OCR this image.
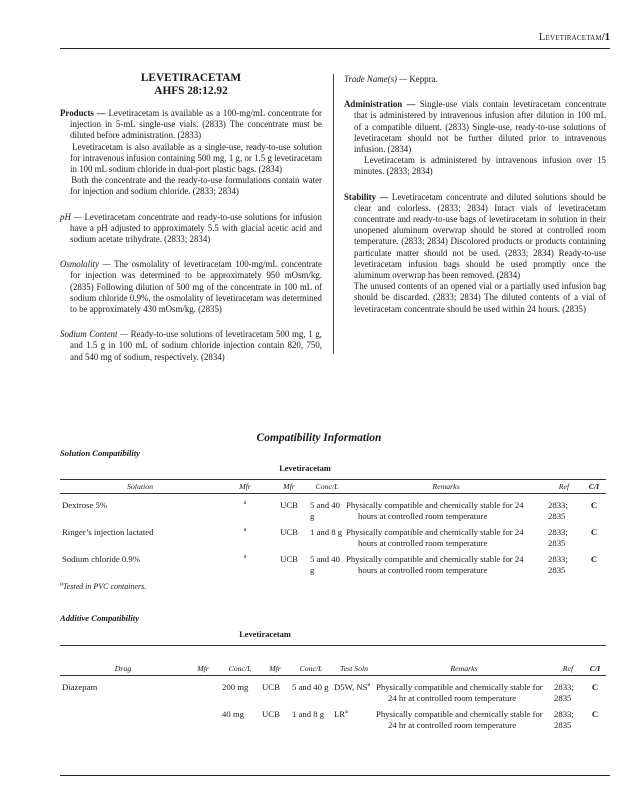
Levetiracetam/1
LEVETIRACETAM
AHFS 28:12.92

Products — Levetiracetam is available as a 100-mg/mL concentrate for injection in 5-mL single-use vials. (2833) The concentrate must be diluted before administration. (2833)

Levetiracetam is also available as a single-use, ready-to-use solution for intravenous infusion containing 500 mg, 1 g, or 1.5 g levetiracetam in 100 mL sodium chloride in dual-port plastic bags. (2834)

Both the concentrate and the ready-to-use formulations contain water for injection and sodium chloride. (2833; 2834)

pH — Levetiracetam concentrate and ready-to-use solutions for infusion have a pH adjusted to approximately 5.5 with glacial acetic acid and sodium acetate trihydrate. (2833; 2834)

Osmolality — The osmolality of levetiracetam 100-mg/mL concentrate for injection was determined to be approximately 950 mOsm/kg. (2835) Following dilution of 500 mg of the concentrate in 100 mL of sodium chloride 0.9%, the osmolality of levetiracetam was determined to be approximately 430 mOsm/kg. (2835)

Sodium Content — Ready-to-use solutions of levetiracetam 500 mg, 1 g, and 1.5 g in 100 mL of sodium chloride injection contain 820, 750, and 540 mg of sodium, respectively. (2834)

Trade Name(s) — Keppra.

Administration — Single-use vials contain levetiracetam concentrate that is administered by intravenous infusion after dilution in 100 mL of a compatible diluent. (2833) Single-use, ready-to-use solutions of levetiracetam should not be further diluted prior to intravenous infusion. (2834)

Levetiracetam is administered by intravenous infusion over 15 minutes. (2833; 2834)

Stability — Levetiracetam concentrate and diluted solutions should be clear and colorless. (2833; 2834) Intact vials of levetiracetam concentrate and ready-to-use bags of levetiracetam in solution in their unopened aluminum overwrap should be stored at controlled room temperature. (2833; 2834) Discolored products or products containing particulate matter should not be used. (2833; 2834) Ready-to-use levetiracetam infusion bags should be used promptly once the aluminum overwrap has been removed. (2834)

The unused contents of an opened vial or a partially used infusion bag should be discarded. (2833; 2834) The diluted contents of a vial of levetiracetam concentrate should be used within 24 hours. (2835)

Compatibility Information
Solution Compatibility
Levetiracetam
Solution	Mfr	Mfr	Conc/L	Remarks	Ref	C/I
Dextrose 5%	$^a$	UCB	5 and 40 g	Physically compatible and chemically stable for 24 hours at controlled room temperature	2833; 2835	C
Ringer’s injection lactated	$^a$	UCB	1 and 8 g	Physically compatible and chemically stable for 24 hours at controlled room temperature	2833; 2835	C
Sodium chloride 0.9%	$^a$	UCB	5 and 40 g	Physically compatible and chemically stable for 24 hours at controlled room temperature	2833; 2835	C
$^a$Tested in PVC containers.
Additive Compatibility
Levetiracetam
Drug	Mfr	Conc/L	Mfr	Conc/L	Test Soln	Remarks	Ref	C/I
Diazepam		200 mg	UCB	5 and 40 g	D5W, $NS^a$	Physically compatible and chemically stable for 24 hr at controlled room temperature	2833; 2835	C
		40 mg	UCB	1 and 8 g	$LR^a$	Physically compatible and chemically stable for 24 hr at controlled room temperature	2833; 2835	C
